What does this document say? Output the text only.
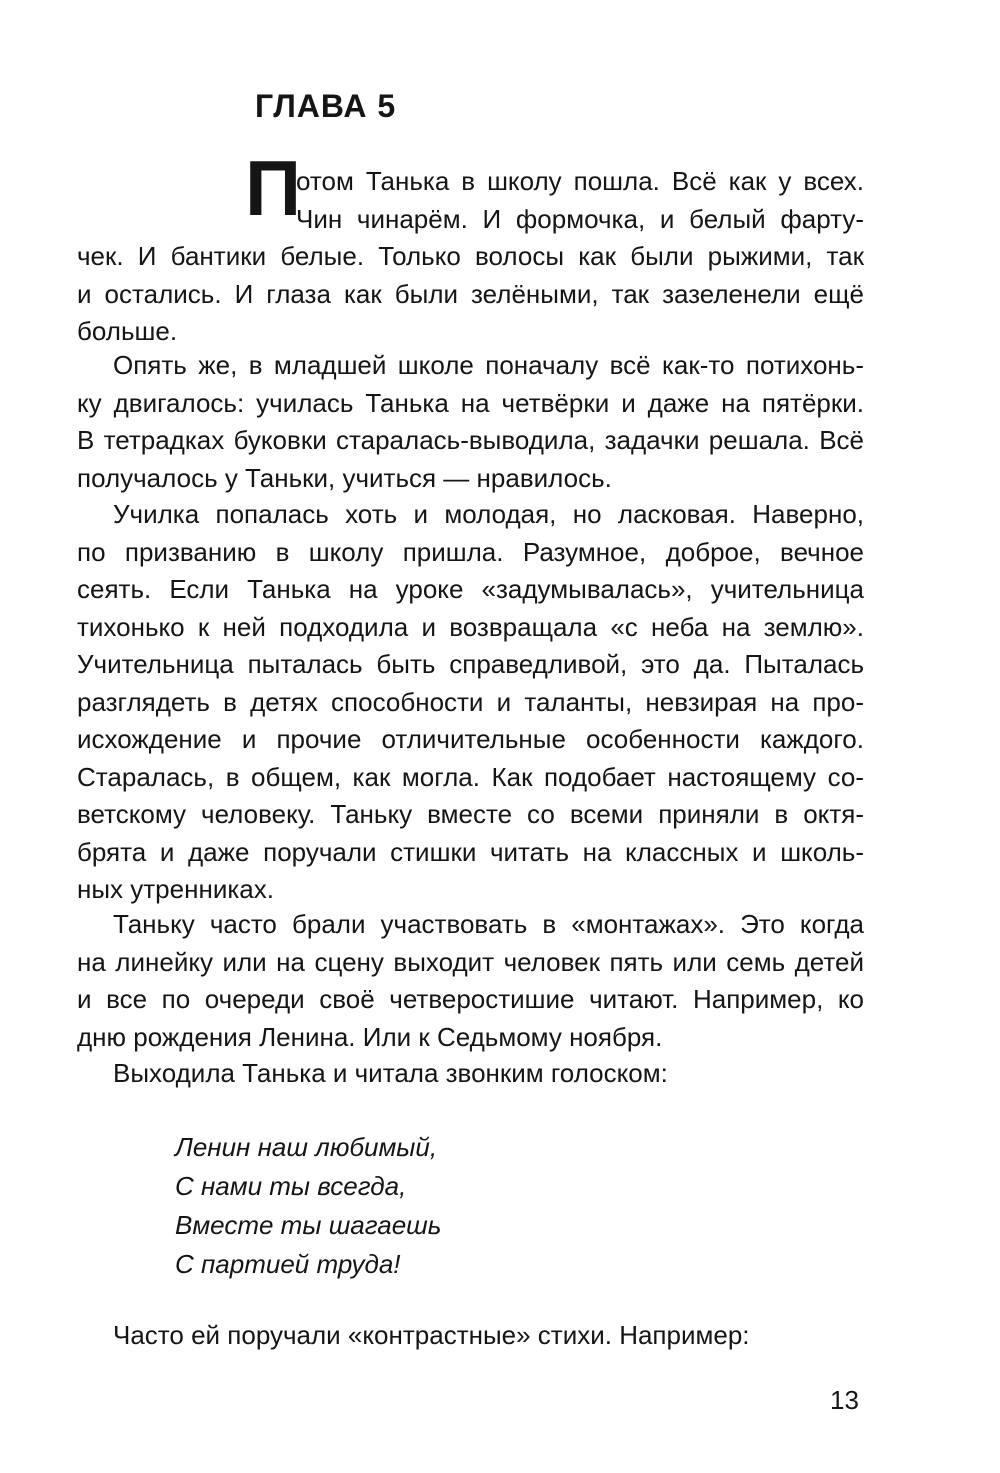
ГЛАВА 5
П
отом Танька в школу пошла. Всё как у всех.
Чин чинарём. И формочка, и белый фарту-
чек. И бантики белые. Только волосы как были рыжими, так
и остались. И глаза как были зелёными, так зазеленели ещё
больше.
Опять же, в младшей школе поначалу всё как-то потихонь-
ку двигалось: училась Танька на четвёрки и даже на пятёрки.
В тетрадках буковки старалась-выводила, задачки решала. Всё
получалось у Таньки, учиться — нравилось.
Училка попалась хоть и молодая, но ласковая. Наверно,
по призванию в школу пришла. Разумное, доброе, вечное
сеять. Если Танька на уроке «задумывалась», учительница
тихонько к ней подходила и возвращала «с неба на землю».
Учительница пыталась быть справедливой, это да. Пыталась
разглядеть в детях способности и таланты, невзирая на про-
исхождение и прочие отличительные особенности каждого.
Старалась, в общем, как могла. Как подобает настоящему со-
ветскому человеку. Таньку вместе со всеми приняли в октя-
брята и даже поручали стишки читать на классных и школь-
ных утренниках.
Таньку часто брали участвовать в «монтажах». Это когда
на линейку или на сцену выходит человек пять или семь детей
и все по очереди своё четверостишие читают. Например, ко
дню рождения Ленина. Или к Седьмому ноября.
Выходила Танька и читала звонким голоском:
Ленин наш любимый,
С нами ты всегда,
Вместе ты шагаешь
С партией труда!
Часто ей поручали «контрастные» стихи. Например:
13
